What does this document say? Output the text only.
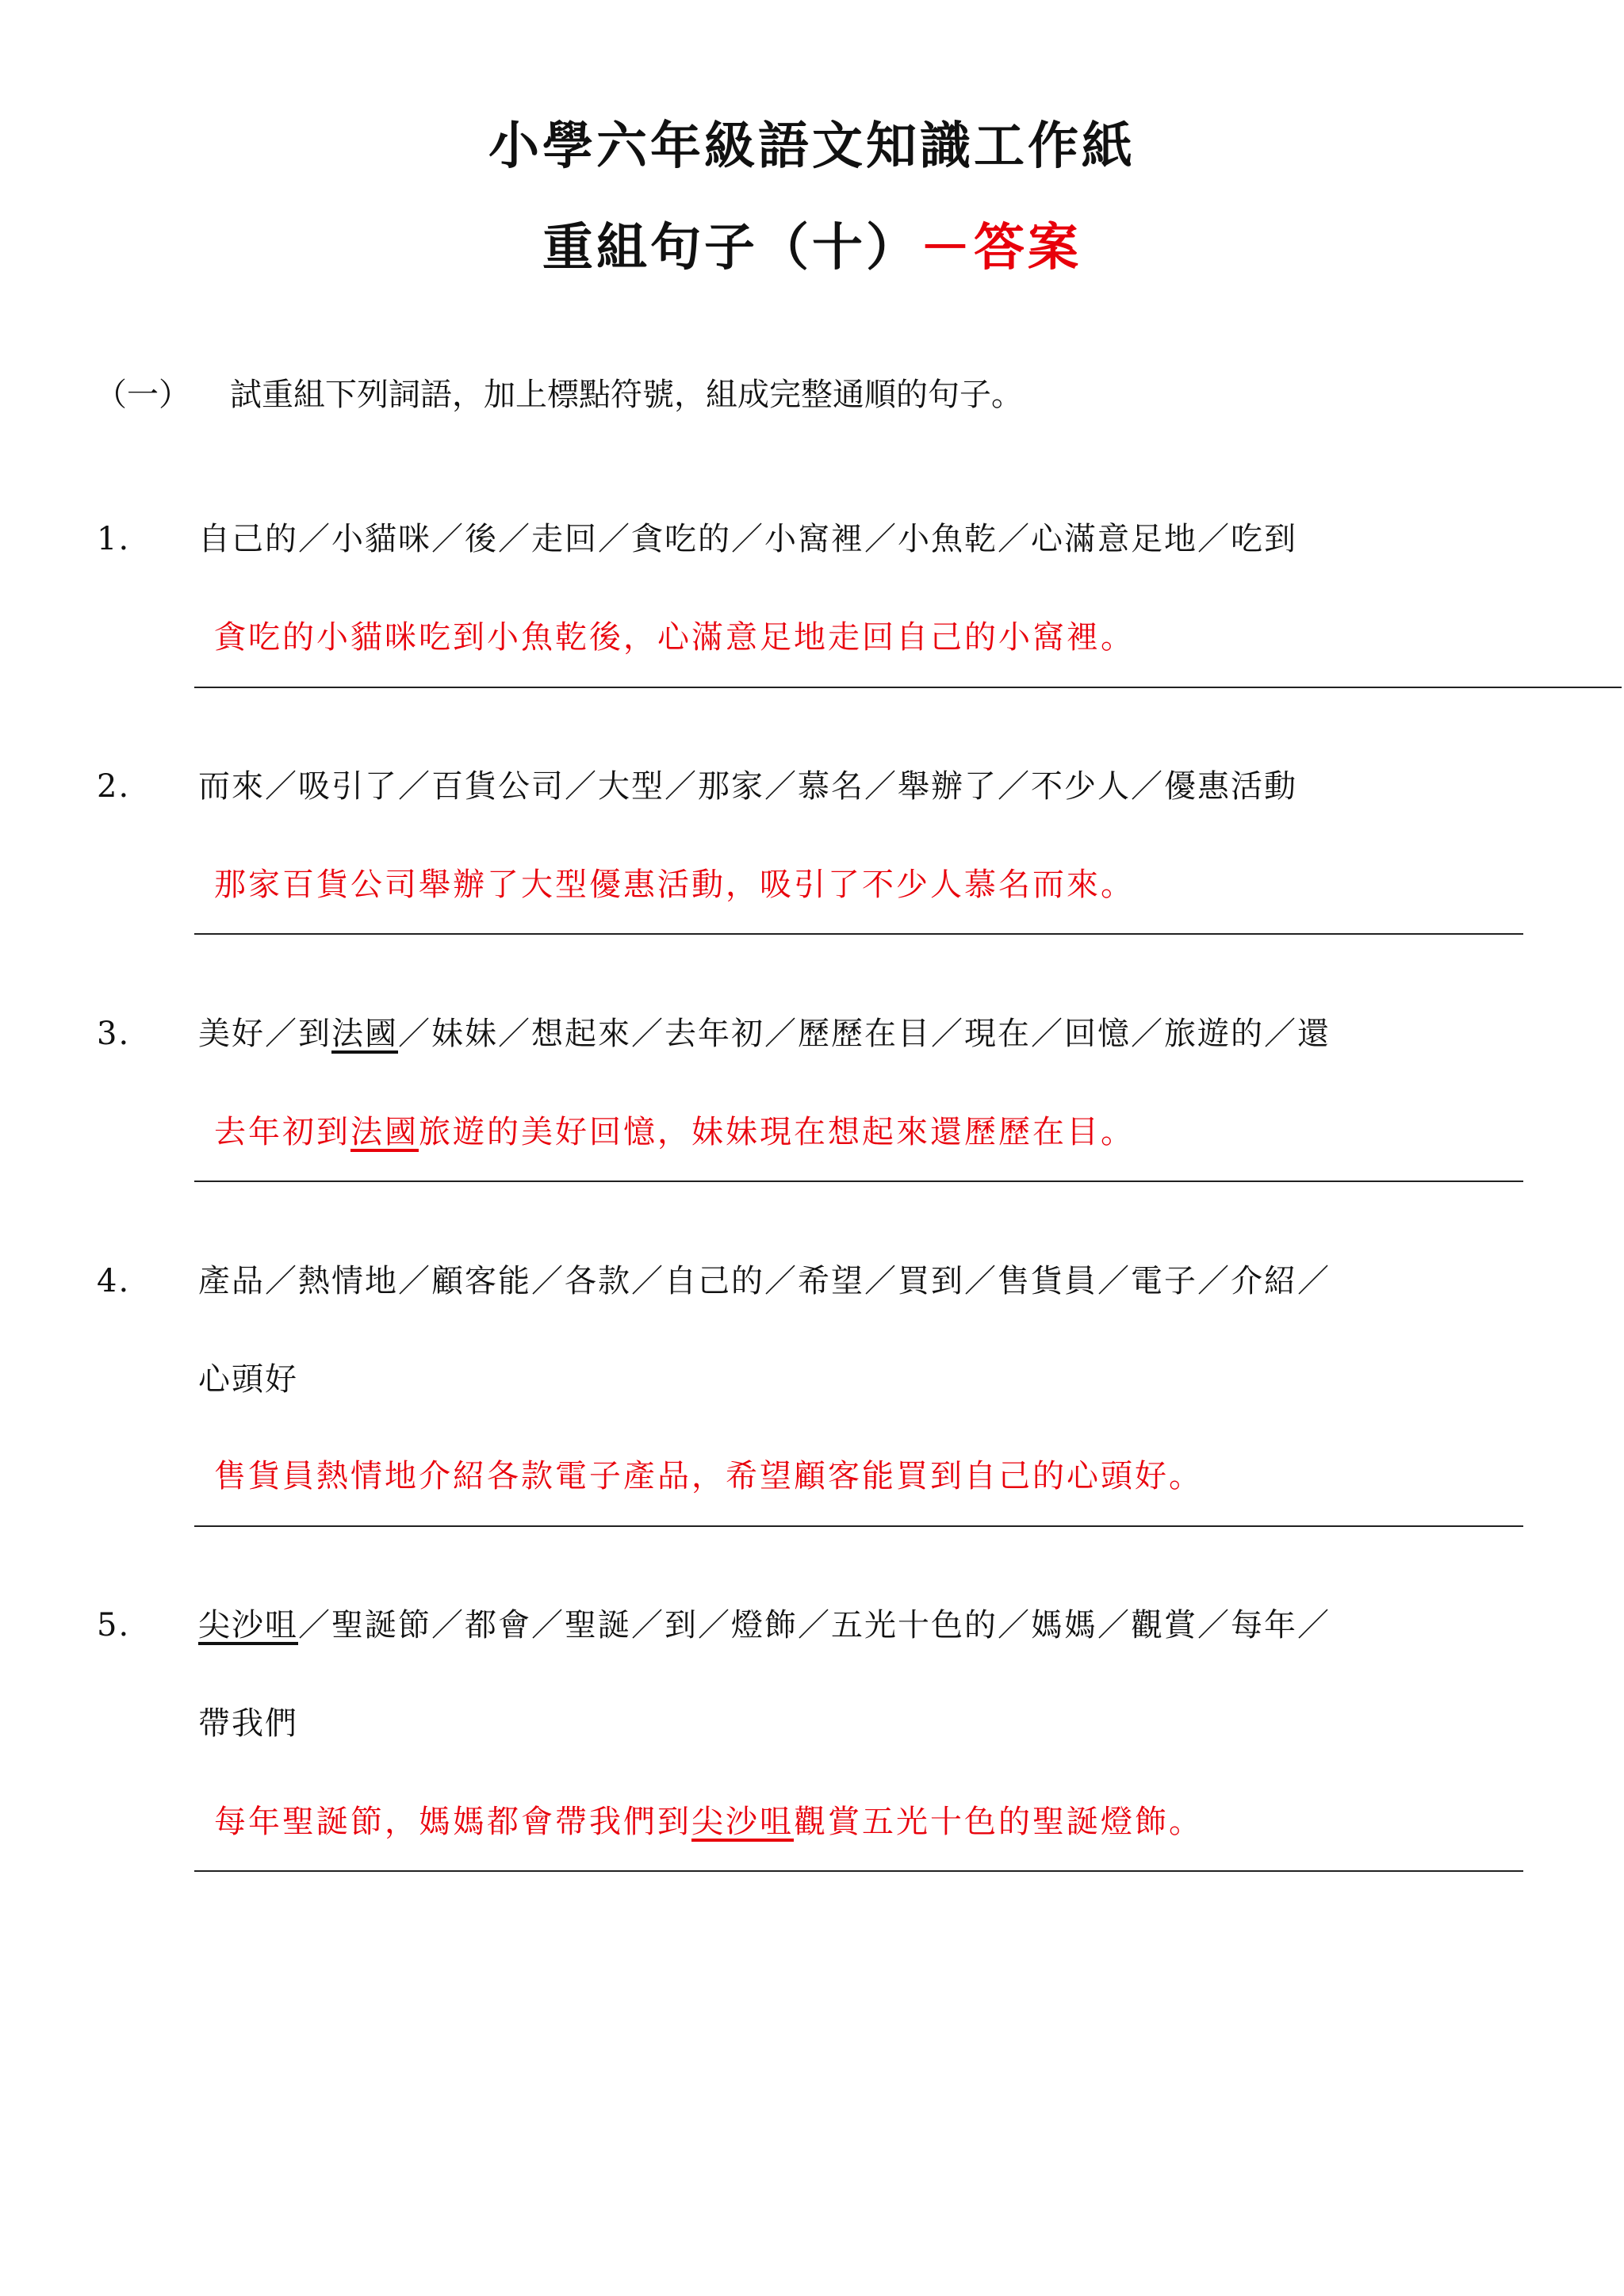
小學六年級語文知識工作紙
重組句子（十）－答案
（一） 試重組下列詞語，加上標點符號，組成完整通順的句子。
1. 自己的／小貓咪／後／走回／貪吃的／小窩裡／小魚乾／心滿意足地／吃到
貪吃的小貓咪吃到小魚乾後，心滿意足地走回自己的小窩裡。
2. 而來／吸引了／百貨公司／大型／那家／慕名／舉辦了／不少人／優惠活動
那家百貨公司舉辦了大型優惠活動，吸引了不少人慕名而來。
3. 美好／到法國／妹妹／想起來／去年初／歷歷在目／現在／回憶／旅遊的／還
去年初到法國旅遊的美好回憶，妹妹現在想起來還歷歷在目。
4. 產品／熱情地／顧客能／各款／自己的／希望／買到／售貨員／電子／介紹／
心頭好
售貨員熱情地介紹各款電子產品，希望顧客能買到自己的心頭好。
5. 尖沙咀／聖誕節／都會／聖誕／到／燈飾／五光十色的／媽媽／觀賞／每年／
帶我們
每年聖誕節，媽媽都會帶我們到尖沙咀觀賞五光十色的聖誕燈飾。
